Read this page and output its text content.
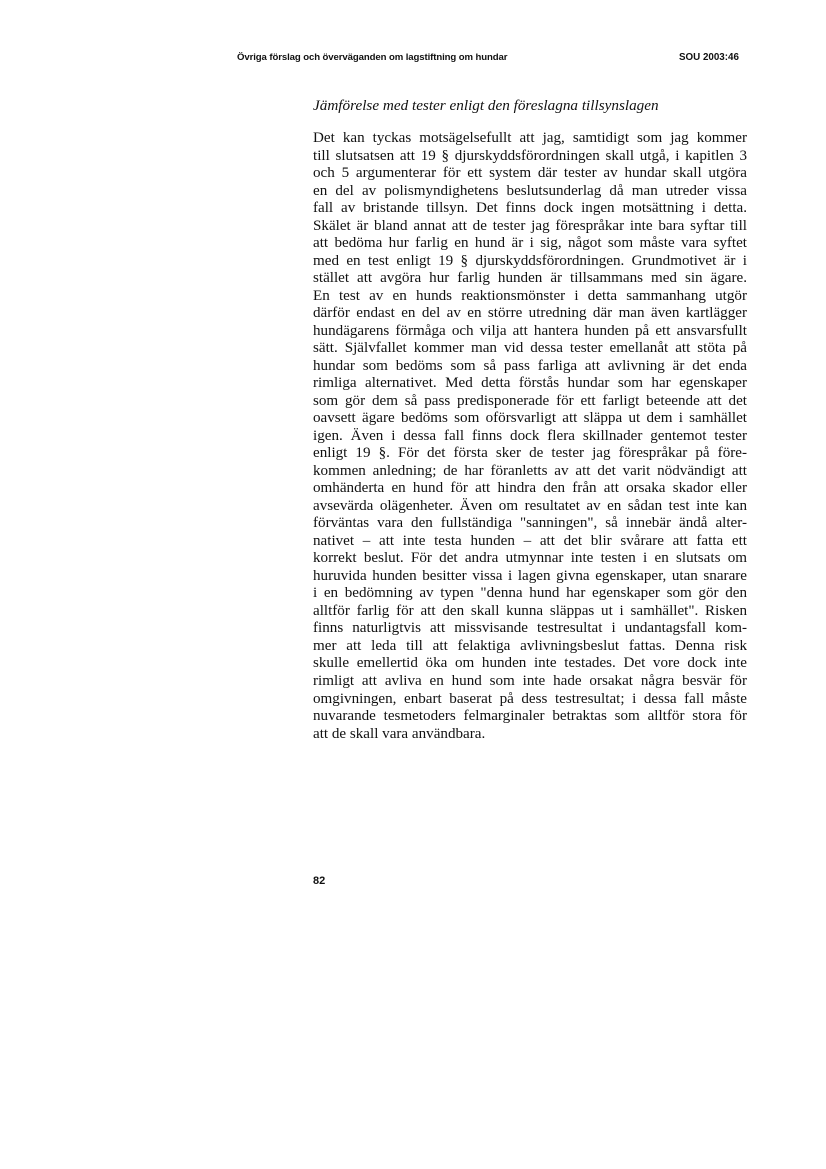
Övriga förslag och överväganden om lagstiftning om hundar	SOU 2003:46
Jämförelse med tester enligt den föreslagna tillsynslagen
Det kan tyckas motsägelsefullt att jag, samtidigt som jag kommer
till slutsatsen att 19 § djurskyddsförordningen skall utgå, i kapitlen 3
och 5 argumenterar för ett system där tester av hundar skall utgöra
en del av polismyndighetens beslutsunderlag då man utreder vissa
fall av bristande tillsyn. Det finns dock ingen motsättning i detta.
Skälet är bland annat att de tester jag förespråkar inte bara syftar till
att bedöma hur farlig en hund är i sig, något som måste vara syftet
med en test enligt 19 § djurskyddsförordningen. Grundmotivet är i
stället att avgöra hur farlig hunden är tillsammans med sin ägare.
En test av en hunds reaktionsmönster i detta sammanhang utgör
därför endast en del av en större utredning där man även kartlägger
hundägarens förmåga och vilja att hantera hunden på ett ansvarsfullt
sätt. Självfallet kommer man vid dessa tester emellanåt att stöta på
hundar som bedöms som så pass farliga att avlivning är det enda
rimliga alternativet. Med detta förstås hundar som har egenskaper
som gör dem så pass predisponerade för ett farligt beteende att det
oavsett ägare bedöms som oförsvarligt att släppa ut dem i samhället
igen. Även i dessa fall finns dock flera skillnader gentemot tester
enligt 19 §. För det första sker de tester jag förespråkar på före-
kommen anledning; de har föranletts av att det varit nödvändigt att
omhänderta en hund för att hindra den från att orsaka skador eller
avsevärda olägenheter. Även om resultatet av en sådan test inte kan
förväntas vara den fullständiga "sanningen", så innebär ändå alter-
nativet – att inte testa hunden – att det blir svårare att fatta ett
korrekt beslut. För det andra utmynnar inte testen i en slutsats om
huruvida hunden besitter vissa i lagen givna egenskaper, utan snarare
i en bedömning av typen "denna hund har egenskaper som gör den
alltför farlig för att den skall kunna släppas ut i samhället". Risken
finns naturligtvis att missvisande testresultat i undantagsfall kom-
mer att leda till att felaktiga avlivningsbeslut fattas. Denna risk
skulle emellertid öka om hunden inte testades. Det vore dock inte
rimligt att avliva en hund som inte hade orsakat några besvär för
omgivningen, enbart baserat på dess testresultat; i dessa fall måste
nuvarande tesmetoders felmarginaler betraktas som alltför stora för
att de skall vara användbara.
82
